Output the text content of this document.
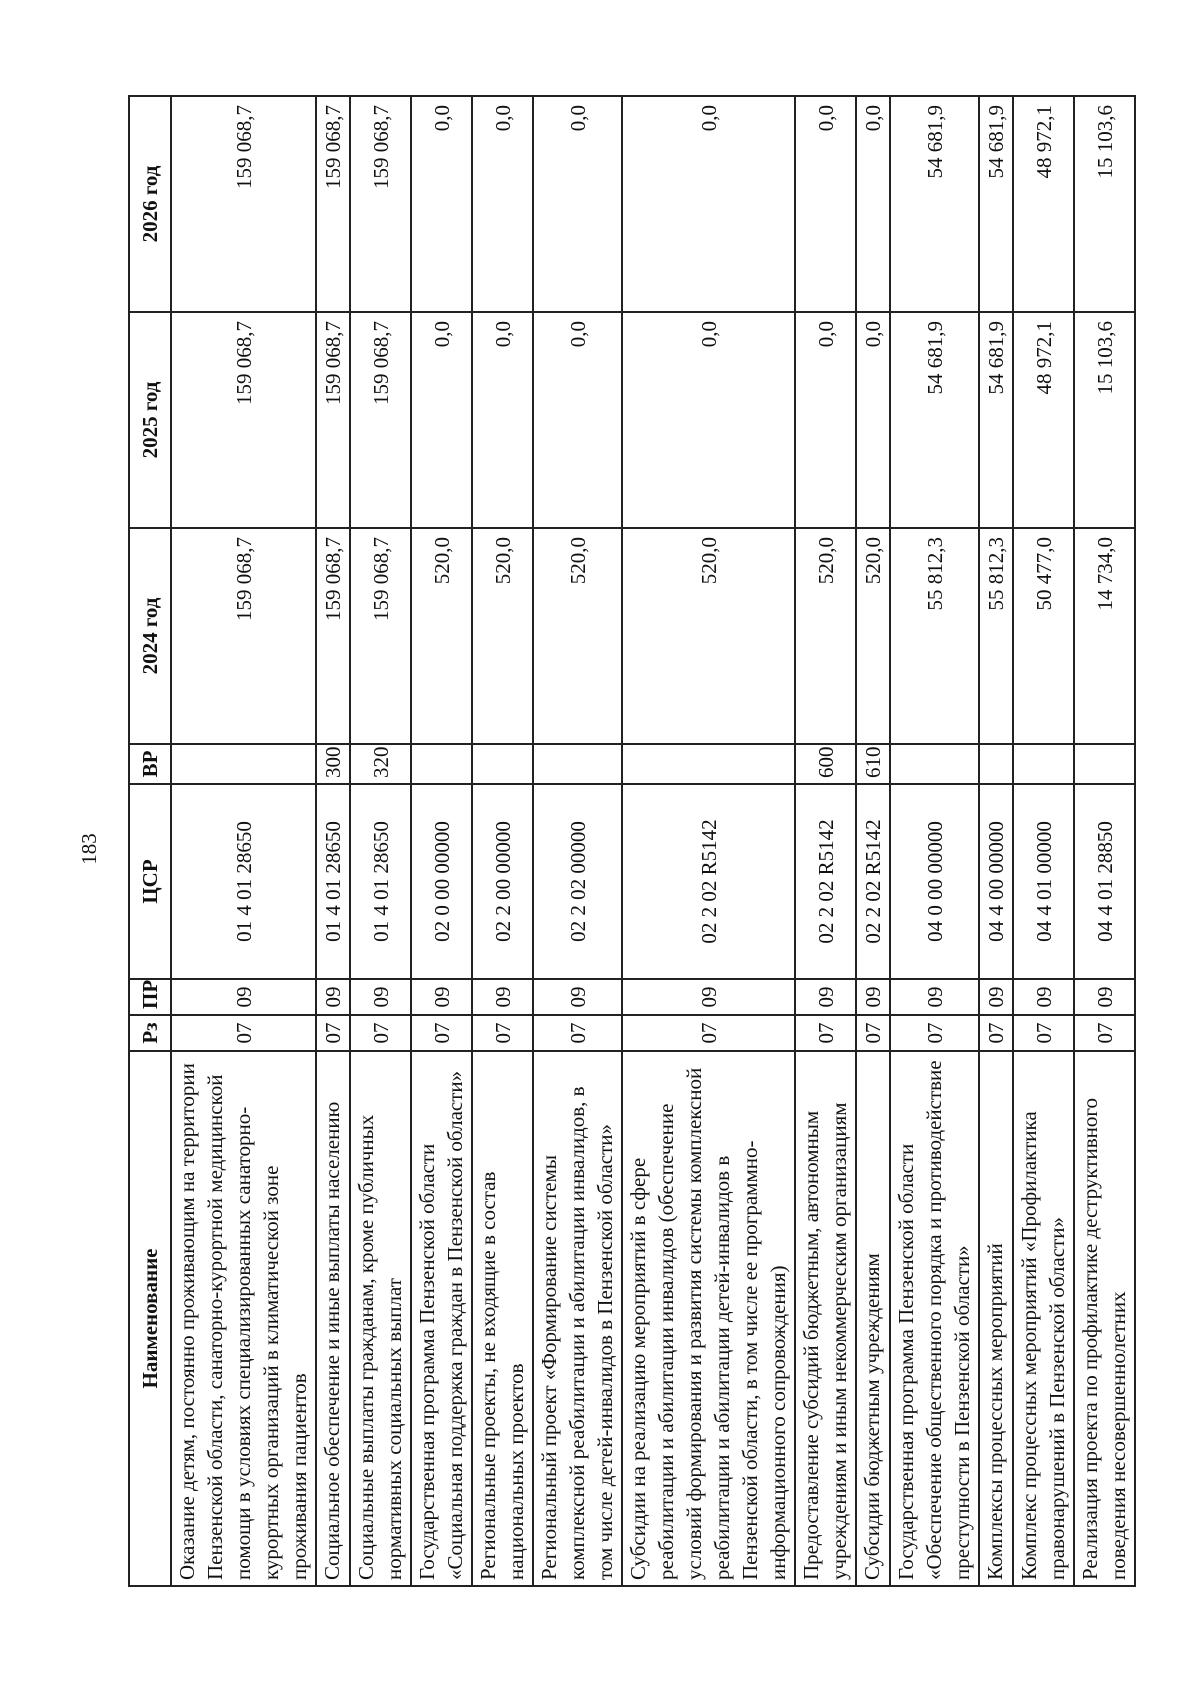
183
Наименование	Рз	ПР	ЦСР	ВР	2024 год	2025 год	2026 год
Оказание детям, постоянно проживающим на территории Пензенской области, санаторно-курортной медицинской помощи в условиях специализированных санаторно-курортных организаций в климатической зоне проживания пациентов	07	09	01 4 01 28650		159 068,7	159 068,7	159 068,7
Социальное обеспечение и иные выплаты населению	07	09	01 4 01 28650	300	159 068,7	159 068,7	159 068,7
Социальные выплаты гражданам, кроме публичных нормативных социальных выплат	07	09	01 4 01 28650	320	159 068,7	159 068,7	159 068,7
Государственная программа Пензенской области «Социальная поддержка граждан в Пензенской области»	07	09	02 0 00 00000		520,0	0,0	0,0
Региональные проекты, не входящие в состав национальных проектов	07	09	02 2 00 00000		520,0	0,0	0,0
Региональный проект «Формирование системы комплексной реабилитации и абилитации инвалидов, в том числе детей-инвалидов в Пензенской области»	07	09	02 2 02 00000		520,0	0,0	0,0
Субсидии на реализацию мероприятий в сфере реабилитации и абилитации инвалидов (обеспечение условий формирования и развития системы комплексной реабилитации и абилитации детей-инвалидов в Пензенской области, в том числе ее программно-информационного сопровождения)	07	09	02 2 02 R5142		520,0	0,0	0,0
Предоставление субсидий бюджетным, автономным учреждениям и иным некоммерческим организациям	07	09	02 2 02 R5142	600	520,0	0,0	0,0
Субсидии бюджетным учреждениям	07	09	02 2 02 R5142	610	520,0	0,0	0,0
Государственная программа Пензенской области «Обеспечение общественного порядка и противодействие преступности в Пензенской области»	07	09	04 0 00 00000		55 812,3	54 681,9	54 681,9
Комплексы процессных мероприятий	07	09	04 4 00 00000		55 812,3	54 681,9	54 681,9
Комплекс процессных мероприятий «Профилактика правонарушений в Пензенской области»	07	09	04 4 01 00000		50 477,0	48 972,1	48 972,1
Реализация проекта по профилактике деструктивного поведения несовершеннолетних	07	09	04 4 01 28850		14 734,0	15 103,6	15 103,6
